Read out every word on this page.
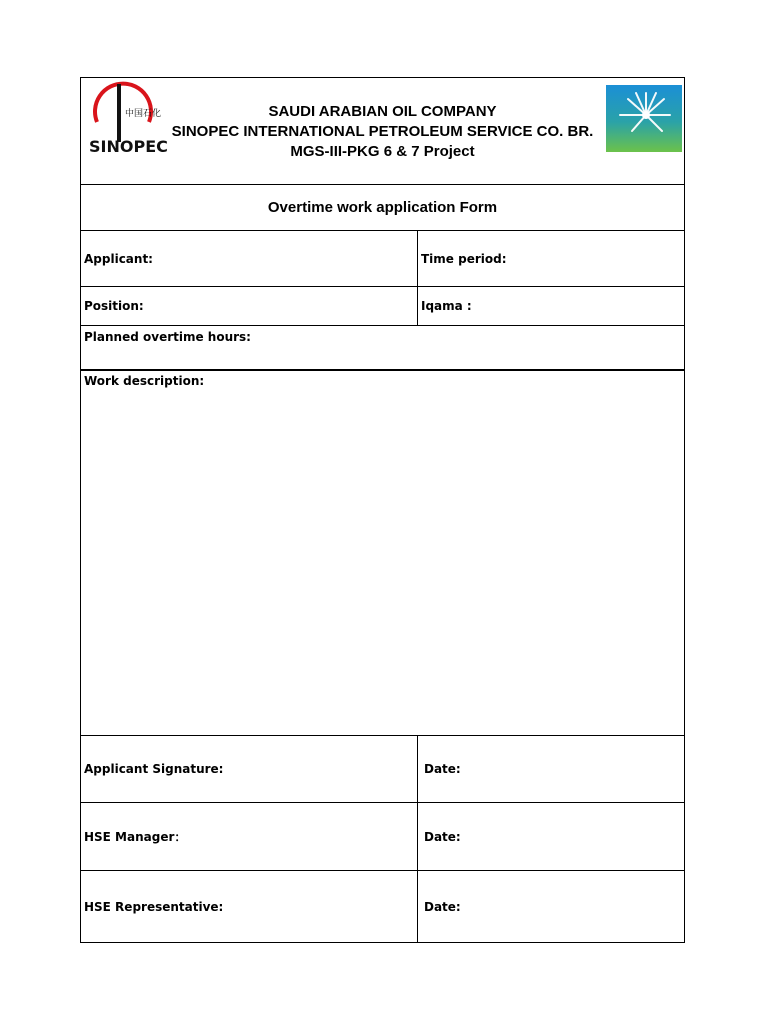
中国石化
SINOPEC
SAUDI ARABIAN OIL COMPANY
SINOPEC INTERNATIONAL PETROLEUM SERVICE CO. BR.
MGS-III-PKG 6 & 7 Project
Overtime work application Form
Applicant:	Time period:
Position:	Iqama :
Planned overtime hours:
Work description:
Applicant Signature:	Date:
HSE Manager：	Date:
HSE Representative:	Date:
